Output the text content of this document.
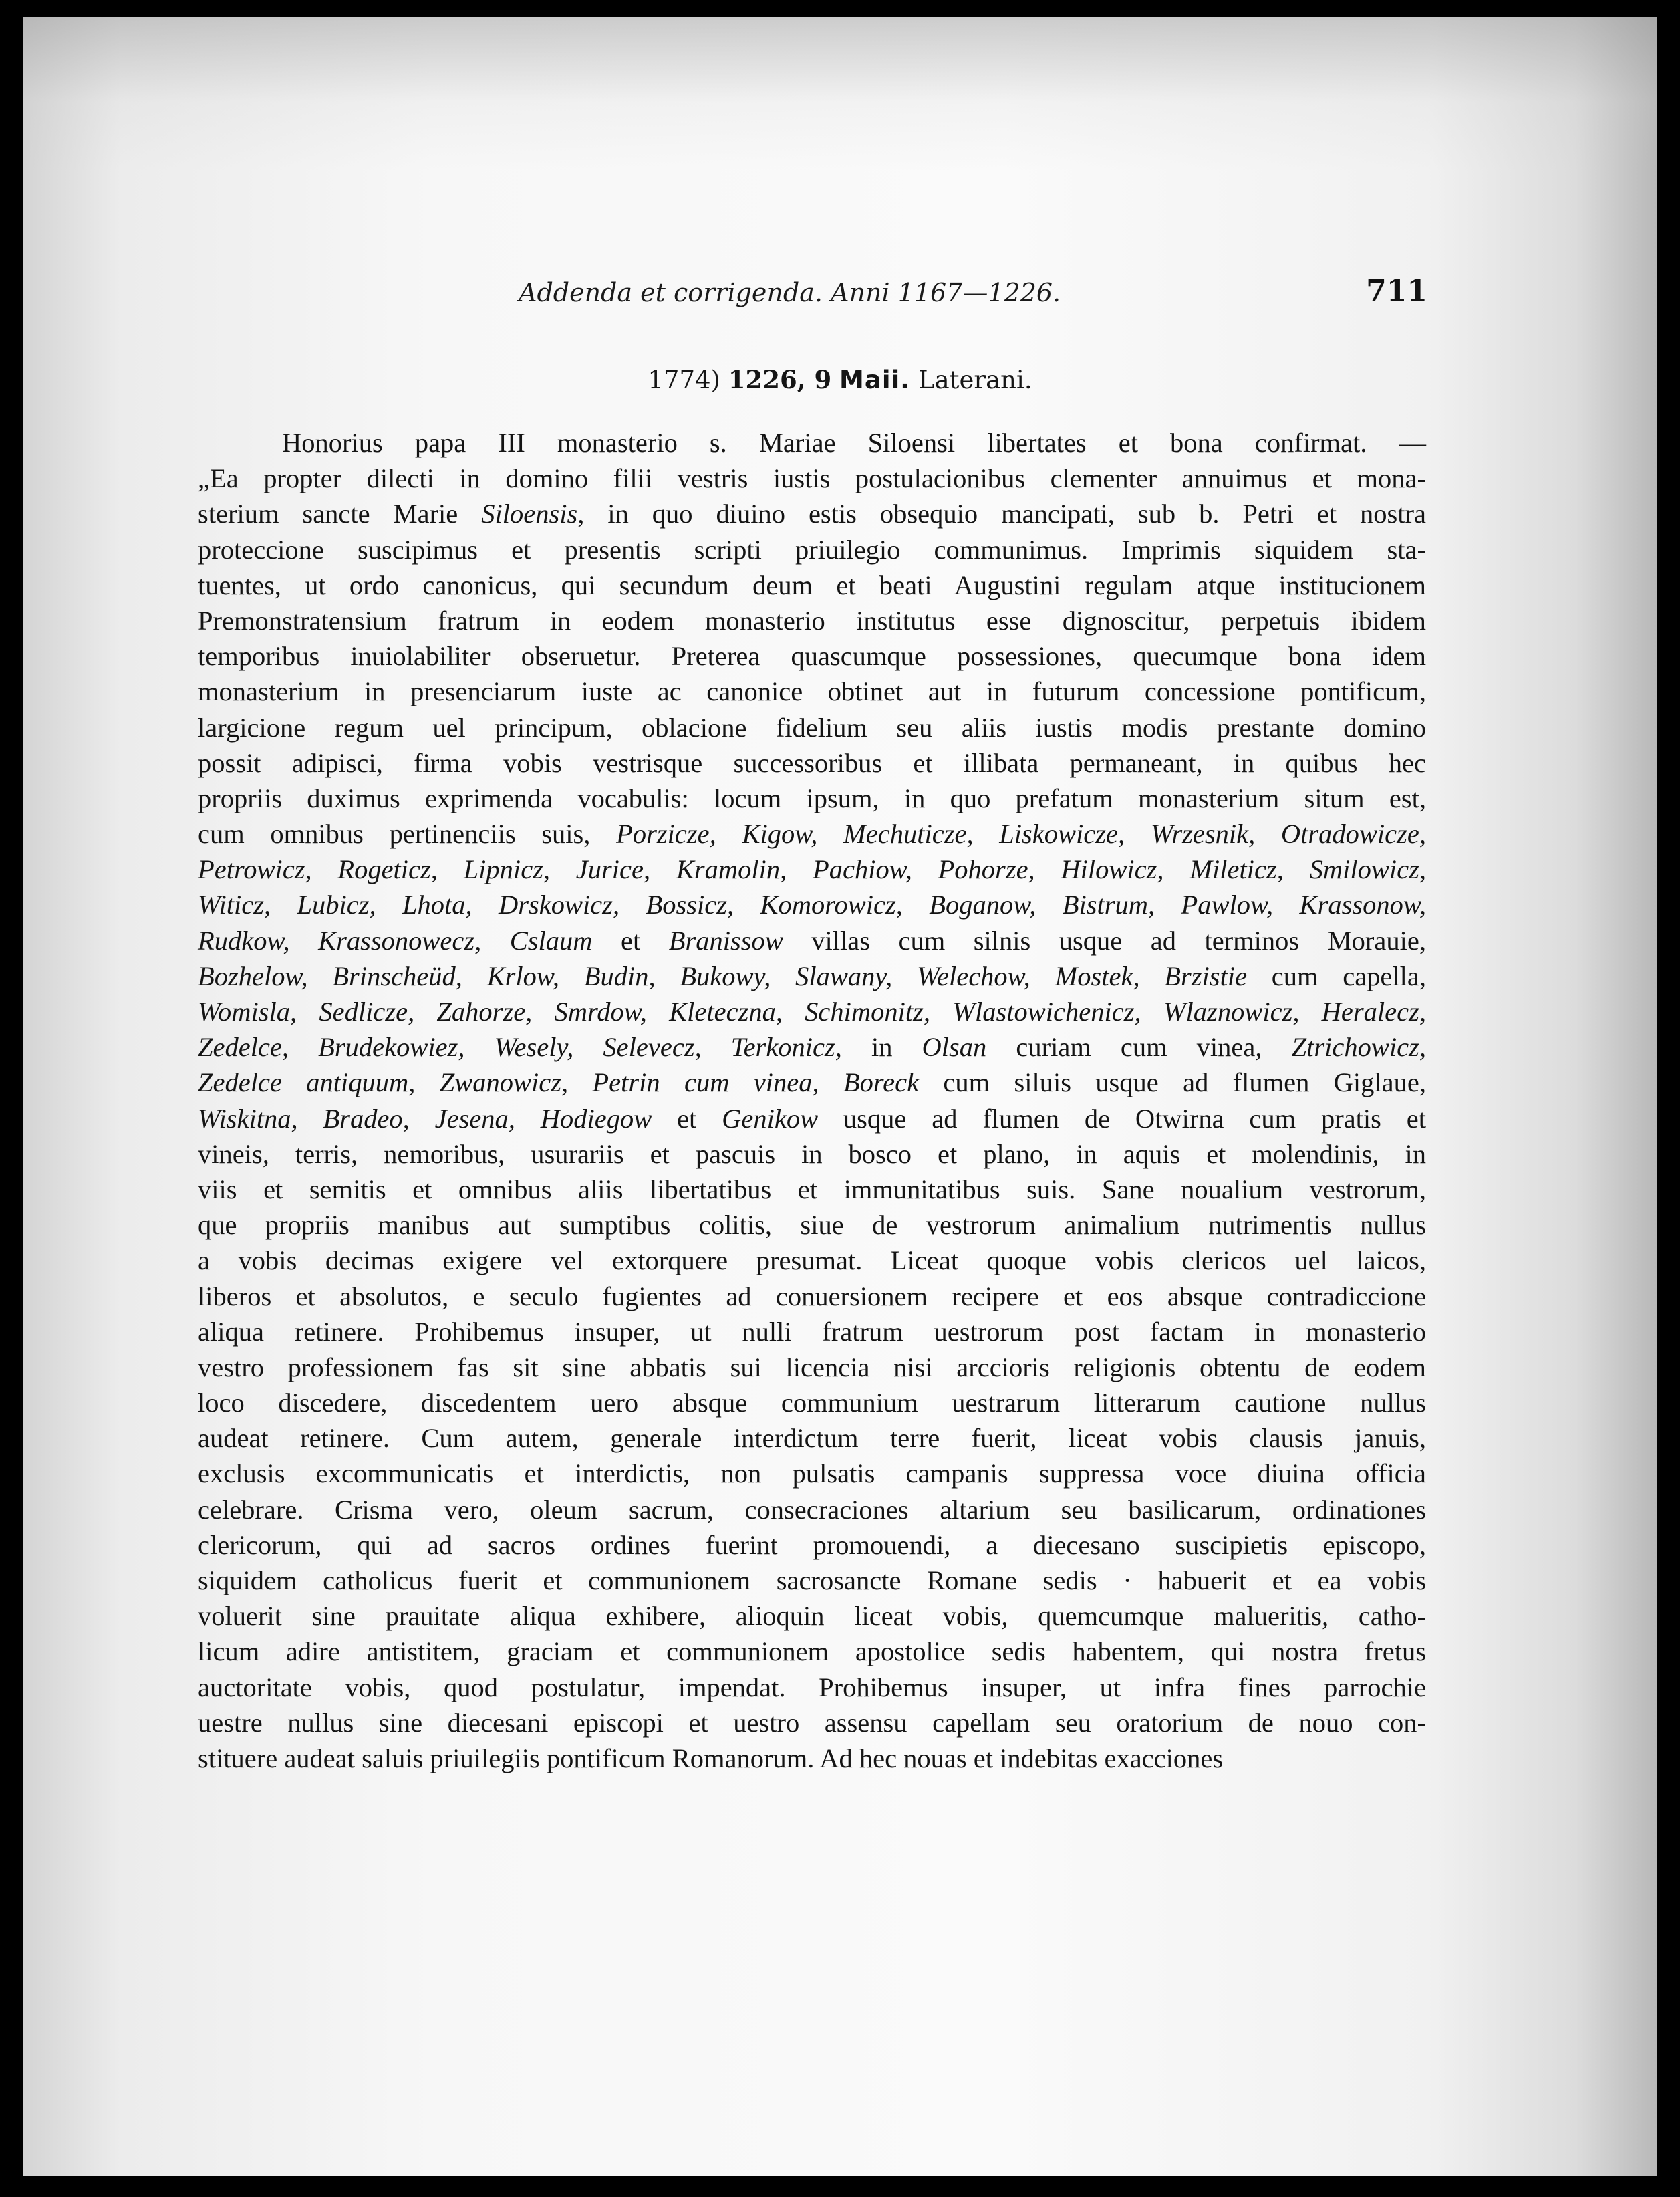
Addenda et corrigenda. Anni 1167—1226.	711
1774) 1226, 9 Maii. Laterani.
Honorius papa III monasterio s. Mariae Siloensi libertates et bona confirmat. —
„Ea propter dilecti in domino filii vestris iustis postulacionibus clementer annuimus et mona-
sterium sancte Marie Siloensis, in quo diuino estis obsequio mancipati, sub b. Petri et nostra
proteccione suscipimus et presentis scripti priuilegio communimus. Imprimis siquidem sta-
tuentes, ut ordo canonicus, qui secundum deum et beati Augustini regulam atque institucionem
Premonstratensium fratrum in eodem monasterio institutus esse dignoscitur, perpetuis ibidem
temporibus inuiolabiliter obseruetur. Preterea quascumque possessiones, quecumque bona idem
monasterium in presenciarum iuste ac canonice obtinet aut in futurum concessione pontificum,
largicione regum uel principum, oblacione fidelium seu aliis iustis modis prestante domino
possit adipisci, firma vobis vestrisque successoribus et illibata permaneant, in quibus hec
propriis duximus exprimenda vocabulis: locum ipsum, in quo prefatum monasterium situm est,
cum omnibus pertinenciis suis, Porzicze, Kigow, Mechuticze, Liskowicze, Wrzesnik, Otradowicze,
Petrowicz, Rogeticz, Lipnicz, Jurice, Kramolin, Pachiow, Pohorze, Hilowicz, Mileticz, Smilowicz,
Witicz, Lubicz, Lhota, Drskowicz, Bossicz, Komorowicz, Boganow, Bistrum, Pawlow, Krassonow,
Rudkow, Krassonowecz, Cslaum et Branissow villas cum silnis usque ad terminos Morauie,
Bozhelow, Brinscheüd, Krlow, Budin, Bukowy, Slawany, Welechow, Mostek, Brzistie cum capella,
Womisla, Sedlicze, Zahorze, Smrdow, Kleteczna, Schimonitz, Wlastowichenicz, Wlaznowicz, Heralecz,
Zedelce, Brudekowiez, Wesely, Selevecz, Terkonicz, in Olsan curiam cum vinea, Ztrichowicz,
Zedelce antiquum, Zwanowicz, Petrin cum vinea, Boreck cum siluis usque ad flumen Giglaue,
Wiskitna, Bradeo, Jesena, Hodiegow et Genikow usque ad flumen de Otwirna cum pratis et
vineis, terris, nemoribus, usurariis et pascuis in bosco et plano, in aquis et molendinis, in
viis et semitis et omnibus aliis libertatibus et immunitatibus suis. Sane noualium vestrorum,
que propriis manibus aut sumptibus colitis, siue de vestrorum animalium nutrimentis nullus
a vobis decimas exigere vel extorquere presumat. Liceat quoque vobis clericos uel laicos,
liberos et absolutos, e seculo fugientes ad conuersionem recipere et eos absque contradiccione
aliqua retinere. Prohibemus insuper, ut nulli fratrum uestrorum post factam in monasterio
vestro professionem fas sit sine abbatis sui licencia nisi arccioris religionis obtentu de eodem
loco discedere, discedentem uero absque communium uestrarum litterarum cautione nullus
audeat retinere. Cum autem, generale interdictum terre fuerit, liceat vobis clausis januis,
exclusis excommunicatis et interdictis, non pulsatis campanis suppressa voce diuina officia
celebrare. Crisma vero, oleum sacrum, consecraciones altarium seu basilicarum, ordinationes
clericorum, qui ad sacros ordines fuerint promouendi, a diecesano suscipietis episcopo,
siquidem catholicus fuerit et communionem sacrosancte Romane sedis · habuerit et ea vobis
voluerit sine prauitate aliqua exhibere, alioquin liceat vobis, quemcumque malueritis, catho-
licum adire antistitem, graciam et communionem apostolice sedis habentem, qui nostra fretus
auctoritate vobis, quod postulatur, impendat. Prohibemus insuper, ut infra fines parrochie
uestre nullus sine diecesani episcopi et uestro assensu capellam seu oratorium de nouo con-
stituere audeat saluis priuilegiis pontificum Romanorum. Ad hec nouas et indebitas exacciones
